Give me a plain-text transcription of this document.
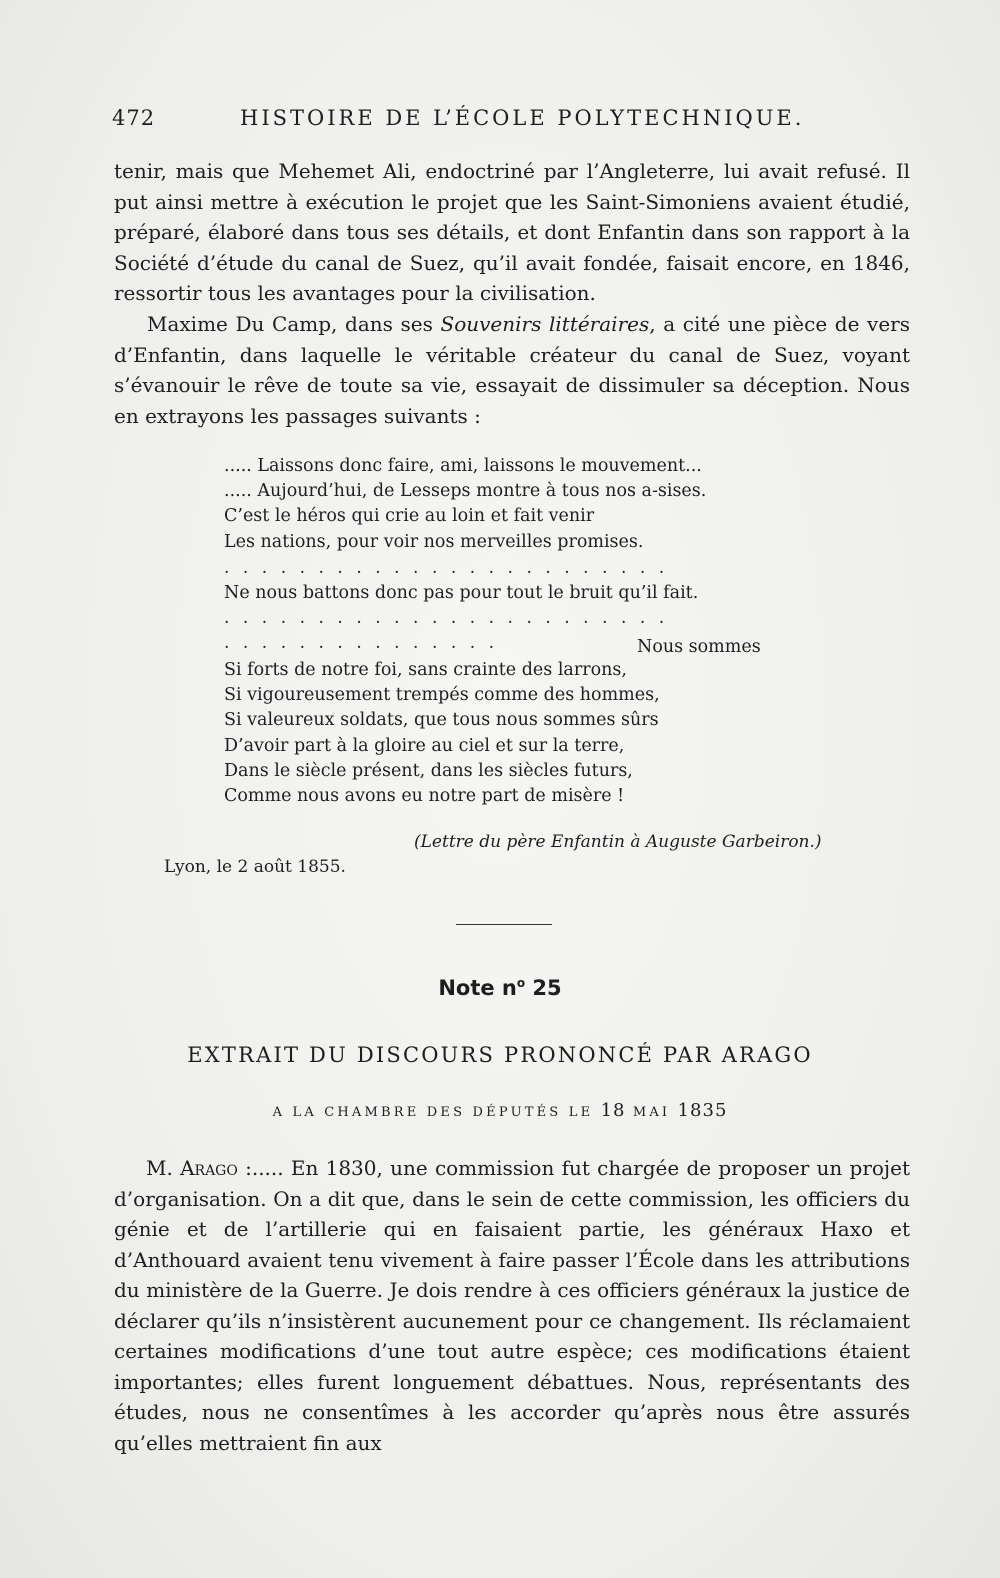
472	HISTOIRE DE L’ÉCOLE POLYTECHNIQUE.

tenir, mais que Mehemet Ali, endoctriné par l’Angleterre, lui avait refusé. Il put ainsi mettre à exécution le projet que les Saint-Simoniens avaient étudié, préparé, élaboré dans tous ses détails, et dont Enfantin dans son rapport à la Société d’étude du canal de Suez, qu’il avait fondée, faisait encore, en 1846, ressortir tous les avantages pour la civilisation.

Maxime Du Camp, dans ses Souvenirs littéraires, a cité une pièce de vers d’Enfantin, dans laquelle le véritable créateur du canal de Suez, voyant s’évanouir le rêve de toute sa vie, essayait de dissimuler sa déception. Nous en extrayons les passages suivants :

..... Laissons donc faire, ami, laissons le mouvement...
..... Aujourd’hui, de Lesseps montre à tous nos a-sises.
C’est le héros qui crie au loin et fait venir
Les nations, pour voir nos merveilles promises.
........................
Ne nous battons donc pas pour tout le bruit qu’il fait.
........................
...............	Nous sommes
Si forts de notre foi, sans crainte des larrons,
Si vigoureusement trempés comme des hommes,
Si valeureux soldats, que tous nous sommes sûrs
D’avoir part à la gloire au ciel et sur la terre,
Dans le siècle présent, dans les siècles futurs,
Comme nous avons eu notre part de misère !
(Lettre du père Enfantin à Auguste Garbeiron.)
Lyon, le 2 août 1855.
Note $n^o$ 25
EXTRAIT DU DISCOURS PRONONCÉ PAR ARAGO
A LA CHAMBRE DES DÉPUTÉS LE 18 MAI 1835

M. Arago :..... En 1830, une commission fut chargée de proposer un projet d’organisation. On a dit que, dans le sein de cette commission, les officiers du génie et de l’artillerie qui en faisaient partie, les généraux Haxo et d’Anthouard avaient tenu vivement à faire passer l’École dans les attributions du ministère de la Guerre. Je dois rendre à ces officiers généraux la justice de déclarer qu’ils n’insistèrent aucunement pour ce changement. Ils réclamaient certaines modifications d’une tout autre espèce; ces modifications étaient importantes; elles furent longuement débattues. Nous, représentants des études, nous ne consentîmes à les accorder qu’après nous être assurés qu’elles mettraient fin aux
